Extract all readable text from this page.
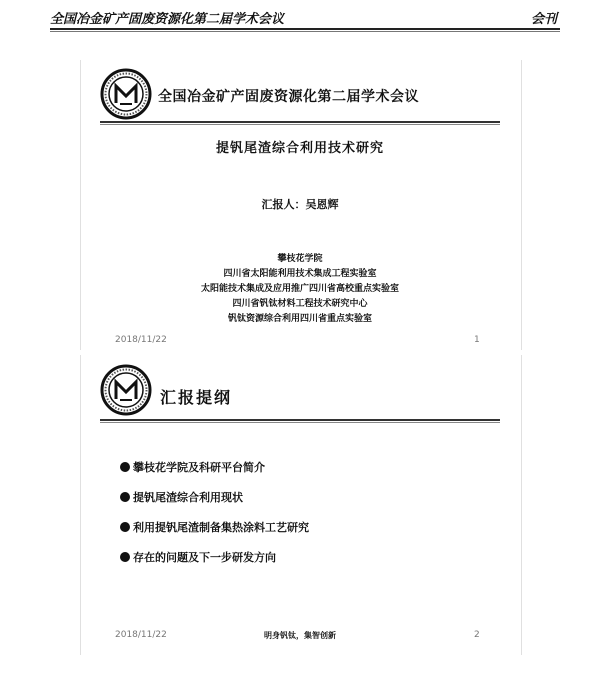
全国冶金矿产固废资源化第二届学术会议	会刊
全国冶金矿产固废资源化第二届学术会议
提钒尾渣综合利用技术研究
汇报人：吴恩辉
攀枝花学院
四川省太阳能利用技术集成工程实验室
太阳能技术集成及应用推广四川省高校重点实验室
四川省钒钛材料工程技术研究中心
钒钛资源综合利用四川省重点实验室
2018/11/22	1
汇报提纲
攀枝花学院及科研平台简介
提钒尾渣综合利用现状
利用提钒尾渣制备集热涂料工艺研究
存在的问题及下一步研发方向
2018/11/22	明身钒钛，集智创新	2
